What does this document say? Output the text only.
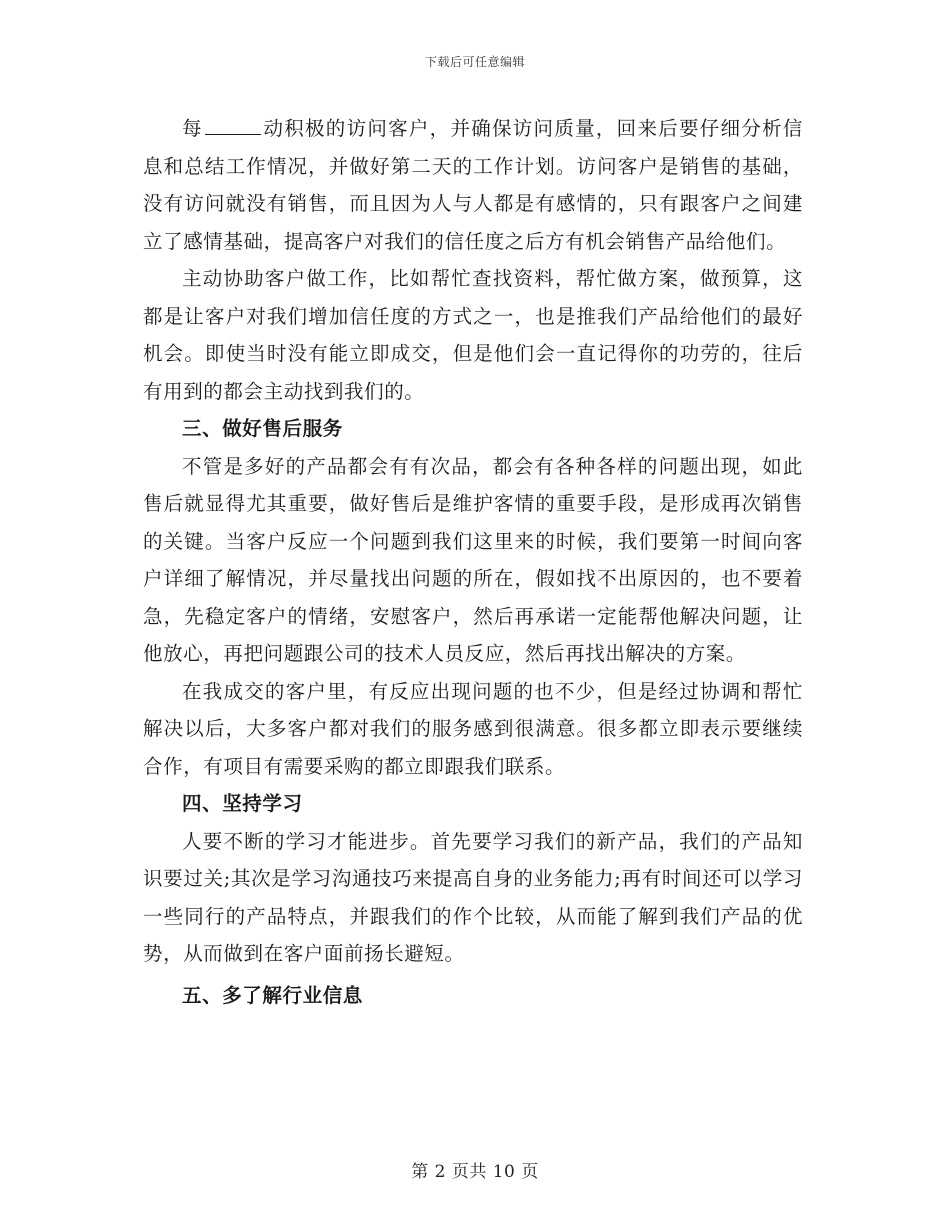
下载后可任意编辑

每	动积极的访问客户，并确保访问质量，回来后要仔细分析信息和总结工作情况，并做好第二天的工作计划。访问客户是销售的基础，没有访问就没有销售，而且因为人与人都是有感情的，只有跟客户之间建立了感情基础，提高客户对我们的信任度之后方有机会销售产品给他们。

主动协助客户做工作，比如帮忙查找资料，帮忙做方案，做预算，这都是让客户对我们增加信任度的方式之一，也是推我们产品给他们的最好机会。即使当时没有能立即成交，但是他们会一直记得你的功劳的，往后有用到的都会主动找到我们的。

三、做好售后服务

不管是多好的产品都会有有次品，都会有各种各样的问题出现，如此售后就显得尤其重要，做好售后是维护客情的重要手段，是形成再次销售的关键。当客户反应一个问题到我们这里来的时候，我们要第一时间向客户详细了解情况，并尽量找出问题的所在，假如找不出原因的，也不要着急，先稳定客户的情绪，安慰客户，然后再承诺一定能帮他解决问题，让他放心，再把问题跟公司的技术人员反应，然后再找出解决的方案。

在我成交的客户里，有反应出现问题的也不少，但是经过协调和帮忙解决以后，大多客户都对我们的服务感到很满意。很多都立即表示要继续合作，有项目有需要采购的都立即跟我们联系。

四、坚持学习

人要不断的学习才能进步。首先要学习我们的新产品，我们的产品知识要过关;其次是学习沟通技巧来提高自身的业务能力;再有时间还可以学习一些同行的产品特点，并跟我们的作个比较，从而能了解到我们产品的优势，从而做到在客户面前扬长避短。

五、多了解行业信息

第 2 页共 10 页
